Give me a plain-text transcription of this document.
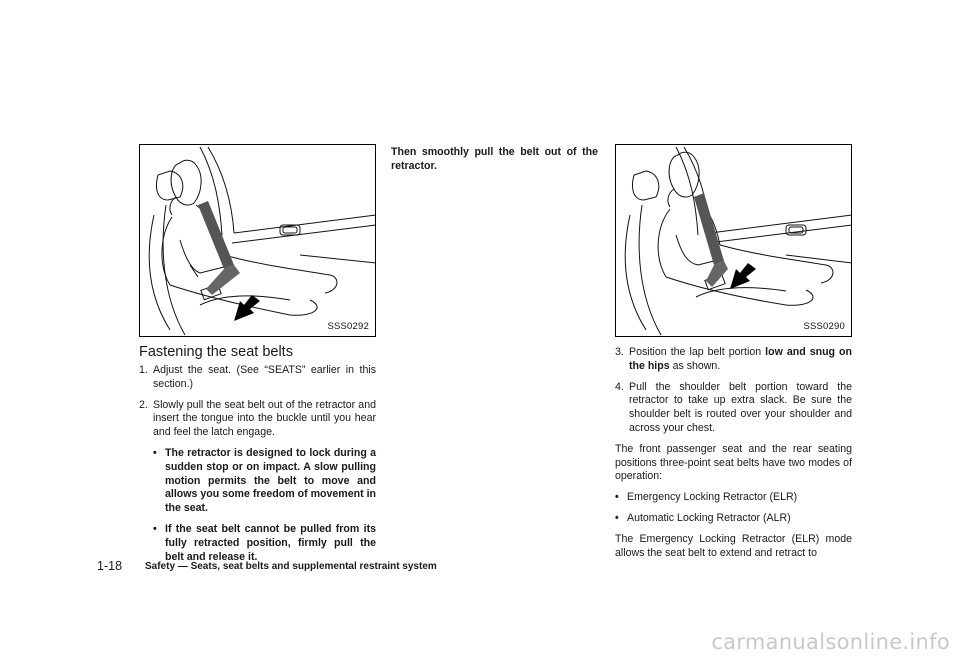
SSS0292	SSS0290
Fastening the seat belts
1. Adjust the seat. (See “SEATS” earlier in this section.)
2. Slowly pull the seat belt out of the retractor and insert the tongue into the buckle until you hear and feel the latch engage.
• The retractor is designed to lock during a sudden stop or on impact. A slow pulling motion permits the belt to move and allows you some freedom of movement in the seat.
• If the seat belt cannot be pulled from its fully retracted position, firmly pull the belt and release it.
Then smoothly pull the belt out of the retractor.
3. Position the lap belt portion low and snug on the hips as shown.
4. Pull the shoulder belt portion toward the retractor to take up extra slack. Be sure the shoulder belt is routed over your shoulder and across your chest.

The front passenger seat and the rear seating positions three-point seat belts have two modes of operation:

• Emergency Locking Retractor (ELR)
• Automatic Locking Retractor (ALR)

The Emergency Locking Retractor (ELR) mode allows the seat belt to extend and retract to

1-18 Safety — Seats, seat belts and supplemental restraint system
carmanualsonline.info
